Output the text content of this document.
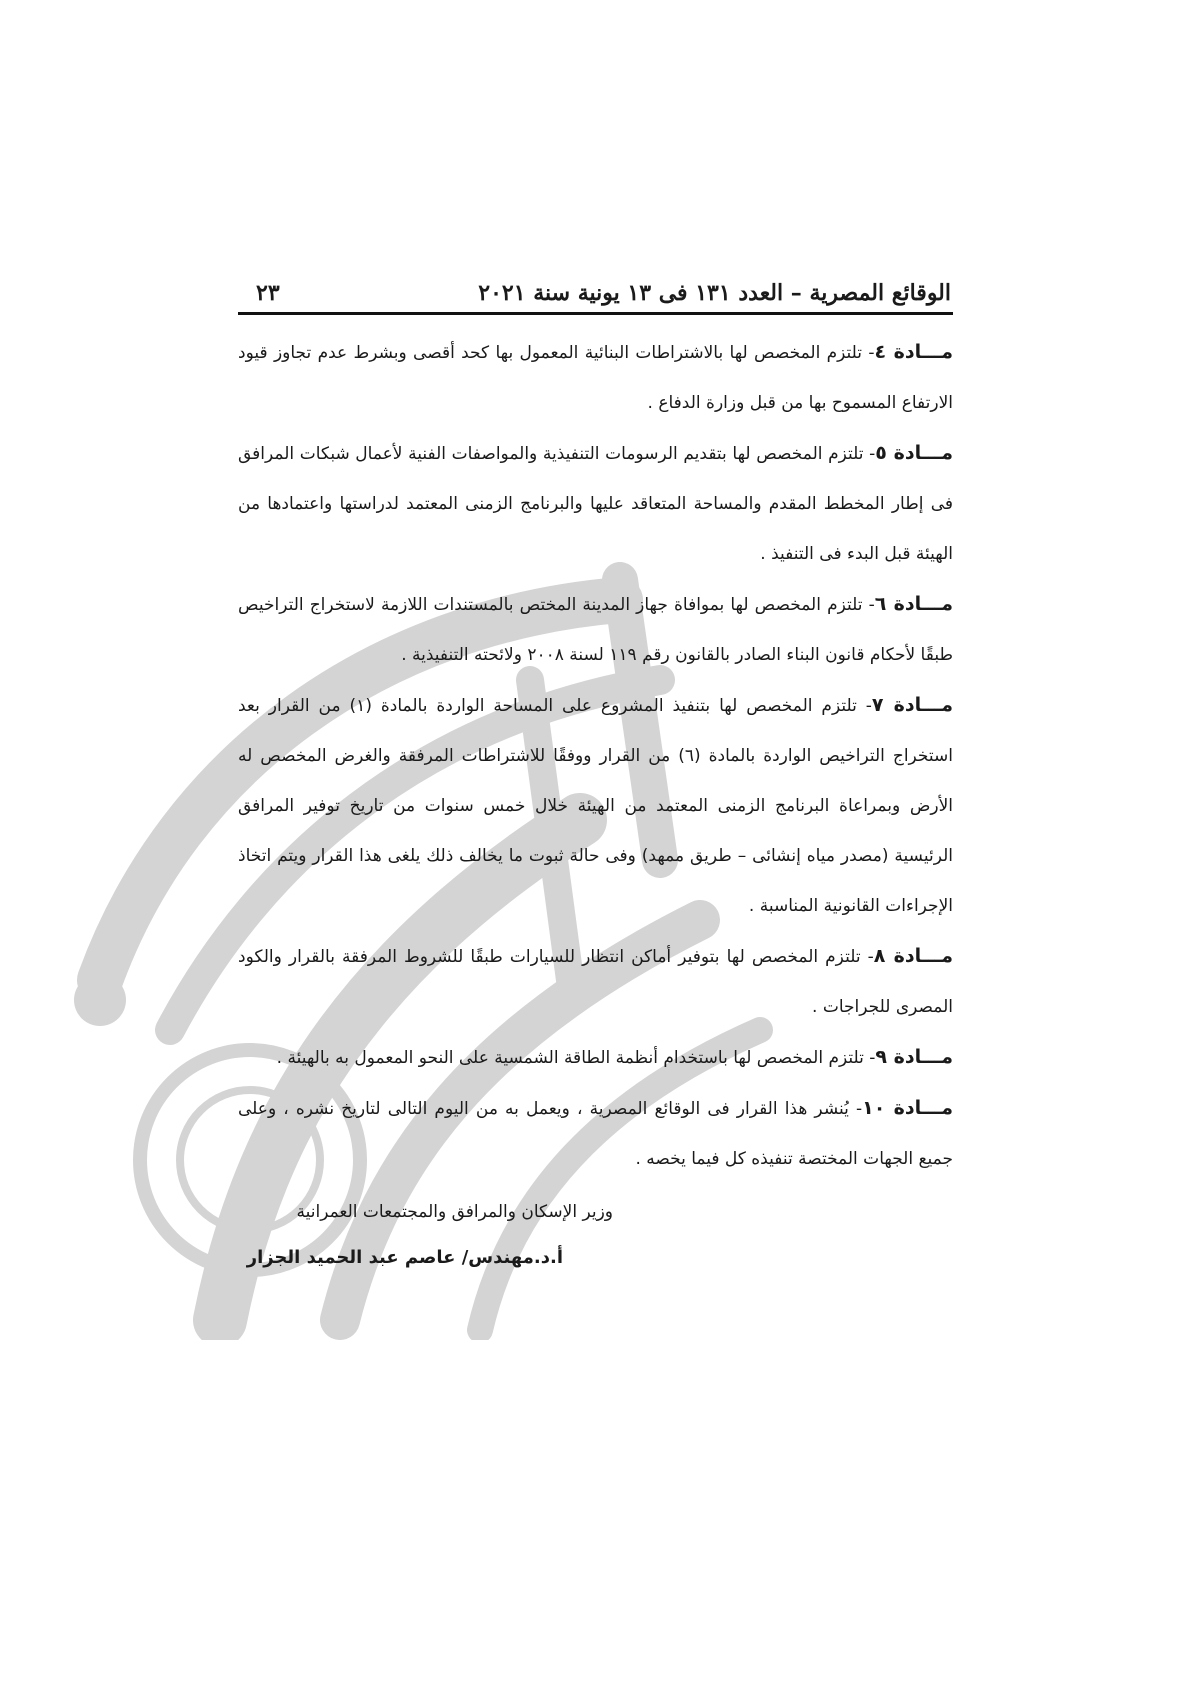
الوقائع المصرية – العدد ١٣١ فى ١٣ يونية سنة ٢٠٢١
٢٣

مـــادة ٤- تلتزم المخصص لها بالاشتراطات البنائية المعمول بها كحد أقصى وبشرط عدم تجاوز قيود الارتفاع المسموح بها من قبل وزارة الدفاع .

مـــادة ٥- تلتزم المخصص لها بتقديم الرسومات التنفيذية والمواصفات الفنية لأعمال شبكات المرافق فى إطار المخطط المقدم والمساحة المتعاقد عليها والبرنامج الزمنى المعتمد لدراستها واعتمادها من الهيئة قبل البدء فى التنفيذ .

مـــادة ٦- تلتزم المخصص لها بموافاة جهاز المدينة المختص بالمستندات اللازمة لاستخراج التراخيص طبقًا لأحكام قانون البناء الصادر بالقانون رقم ١١٩ لسنة ٢٠٠٨ ولائحته التنفيذية .

مـــادة ٧- تلتزم المخصص لها بتنفيذ المشروع على المساحة الواردة بالمادة (١) من القرار بعد استخراج التراخيص الواردة بالمادة (٦) من القرار ووفقًا للاشتراطات المرفقة والغرض المخصص له الأرض وبمراعاة البرنامج الزمنى المعتمد من الهيئة خلال خمس سنوات من تاريخ توفير المرافق الرئيسية (مصدر مياه إنشائى – طريق ممهد) وفى حالة ثبوت ما يخالف ذلك يلغى هذا القرار ويتم اتخاذ الإجراءات القانونية المناسبة .

مـــادة ٨- تلتزم المخصص لها بتوفير أماكن انتظار للسيارات طبقًا للشروط المرفقة بالقرار والكود المصرى للجراجات .

مـــادة ٩- تلتزم المخصص لها باستخدام أنظمة الطاقة الشمسية على النحو المعمول به بالهيئة .

مـــادة ١٠- يُنشر هذا القرار فى الوقائع المصرية ، ويعمل به من اليوم التالى لتاريخ نشره ، وعلى جميع الجهات المختصة تنفيذه كل فيما يخصه .

وزير الإسكان والمرافق والمجتمعات العمرانية
أ.د.مهندس/ عاصم عبد الحميد الجزار
